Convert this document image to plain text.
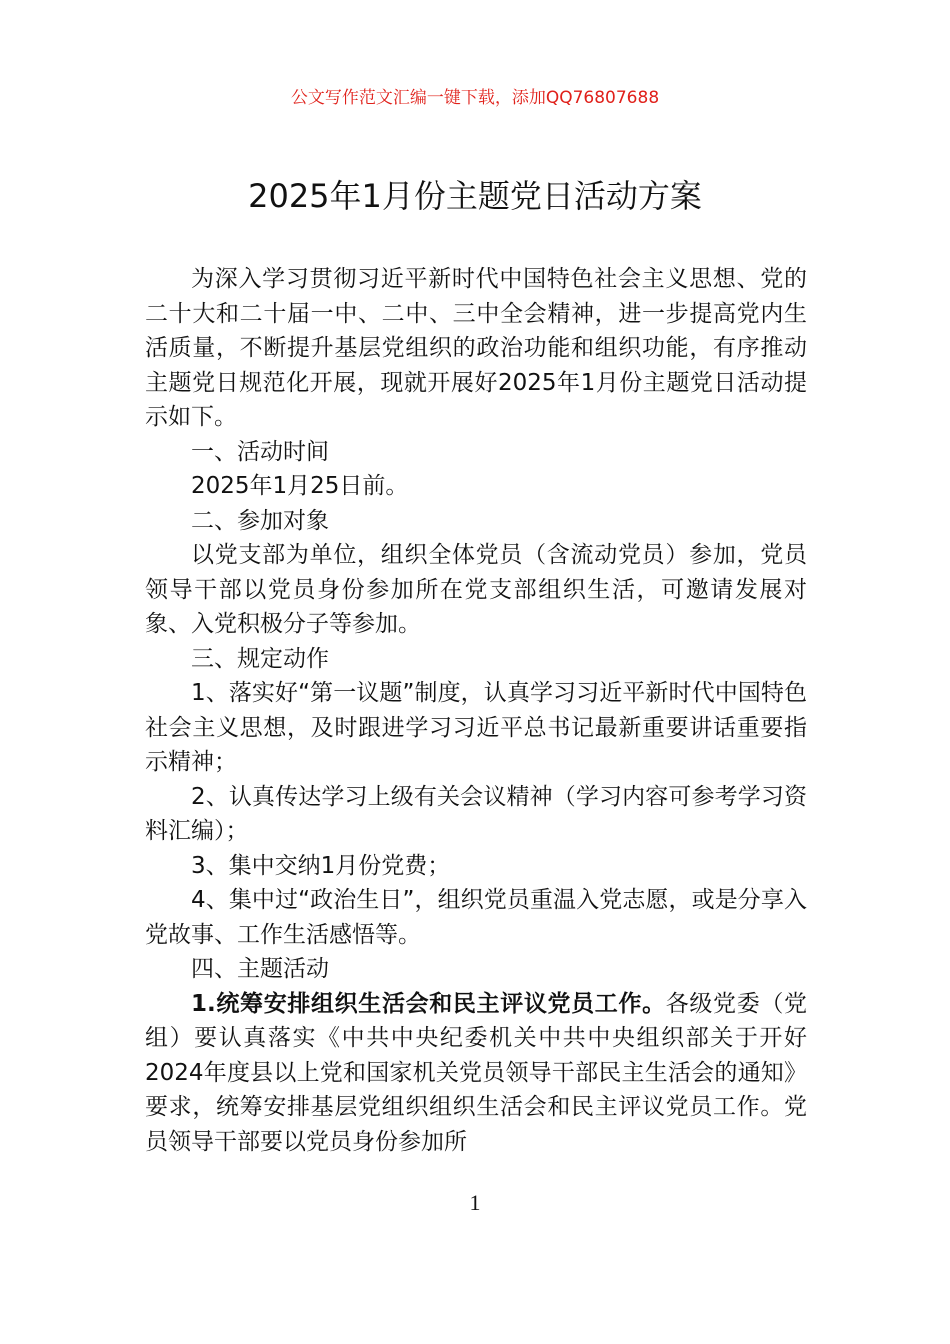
公文写作范文汇编一键下载，添加QQ76807688
2025年1月份主题党日活动方案

为深入学习贯彻习近平新时代中国特色社会主义思想、党的二十大和二十届一中、二中、三中全会精神，进一步提高党内生活质量，不断提升基层党组织的政治功能和组织功能，有序推动主题党日规范化开展，现就开展好2025年1月份主题党日活动提示如下。

一、活动时间

2025年1月25日前。

二、参加对象

以党支部为单位，组织全体党员（含流动党员）参加，党员领导干部以党员身份参加所在党支部组织生活，可邀请发展对象、入党积极分子等参加。

三、规定动作

1、落实好“第一议题”制度，认真学习习近平新时代中国特色社会主义思想，及时跟进学习习近平总书记最新重要讲话重要指示精神；

2、认真传达学习上级有关会议精神（学习内容可参考学习资料汇编）；

3、集中交纳1月份党费；

4、集中过“政治生日”，组织党员重温入党志愿，或是分享入党故事、工作生活感悟等。

四、主题活动

1.统筹安排组织生活会和民主评议党员工作。各级党委（党组）要认真落实《中共中央纪委机关中共中央组织部关于开好2024年度县以上党和国家机关党员领导干部民主生活会的通知》要求，统筹安排基层党组织组织生活会和民主评议党员工作。党员领导干部要以党员身份参加所

1
